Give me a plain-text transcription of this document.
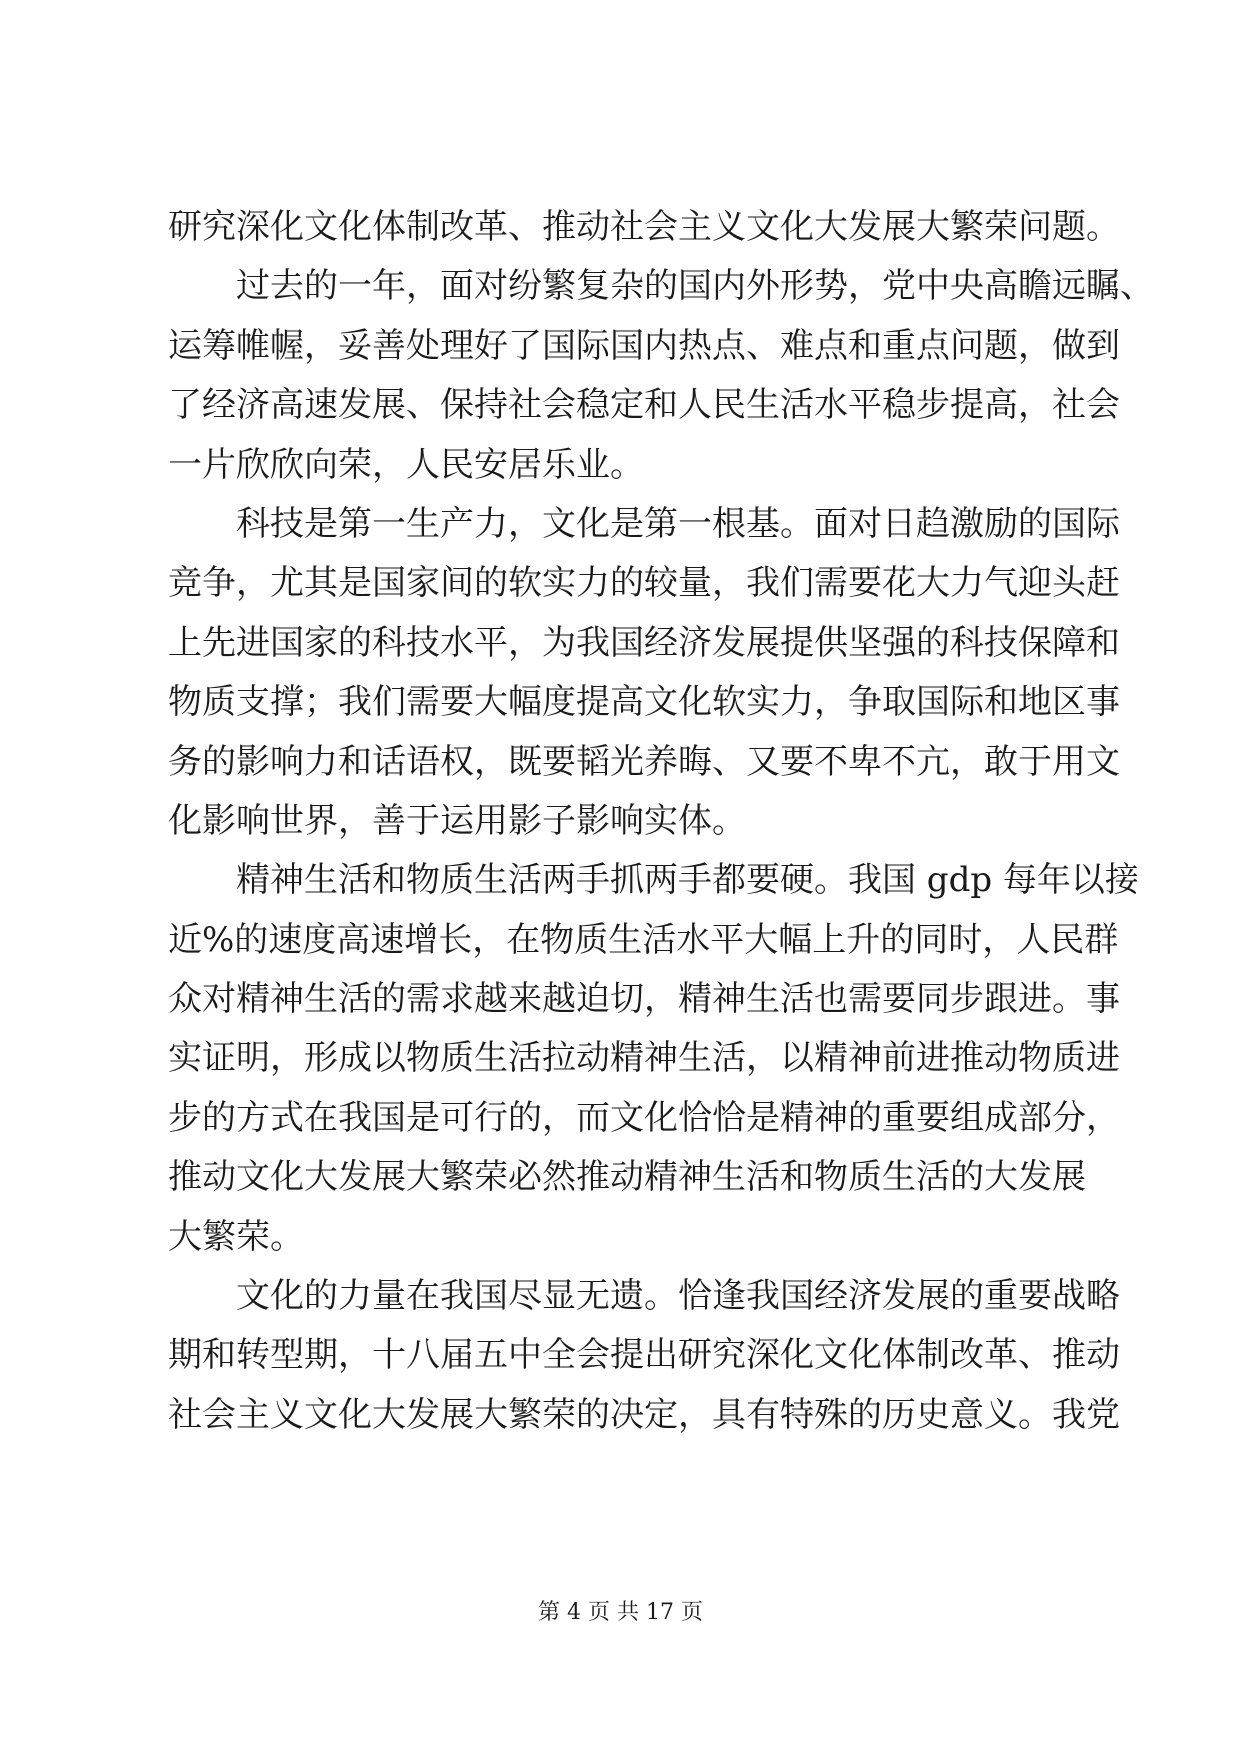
研究深化文化体制改革、推动社会主义文化大发展大繁荣问题。
过去的一年，面对纷繁复杂的国内外形势，党中央高瞻远瞩、
运筹帷幄，妥善处理好了国际国内热点、难点和重点问题，做到
了经济高速发展、保持社会稳定和人民生活水平稳步提高，社会
一片欣欣向荣，人民安居乐业。
科技是第一生产力，文化是第一根基。面对日趋激励的国际
竞争，尤其是国家间的软实力的较量，我们需要花大力气迎头赶
上先进国家的科技水平，为我国经济发展提供坚强的科技保障和
物质支撑；我们需要大幅度提高文化软实力，争取国际和地区事
务的影响力和话语权，既要韬光养晦、又要不卑不亢，敢于用文
化影响世界，善于运用影子影响实体。
精神生活和物质生活两手抓两手都要硬。我国 gdp 每年以接
近%的速度高速增长，在物质生活水平大幅上升的同时，人民群
众对精神生活的需求越来越迫切，精神生活也需要同步跟进。事
实证明，形成以物质生活拉动精神生活，以精神前进推动物质进
步的方式在我国是可行的，而文化恰恰是精神的重要组成部分，
推动文化大发展大繁荣必然推动精神生活和物质生活的大发展
大繁荣。
文化的力量在我国尽显无遗。恰逢我国经济发展的重要战略
期和转型期，十八届五中全会提出研究深化文化体制改革、推动
社会主义文化大发展大繁荣的决定，具有特殊的历史意义。我党
第 4 页 共 17 页
